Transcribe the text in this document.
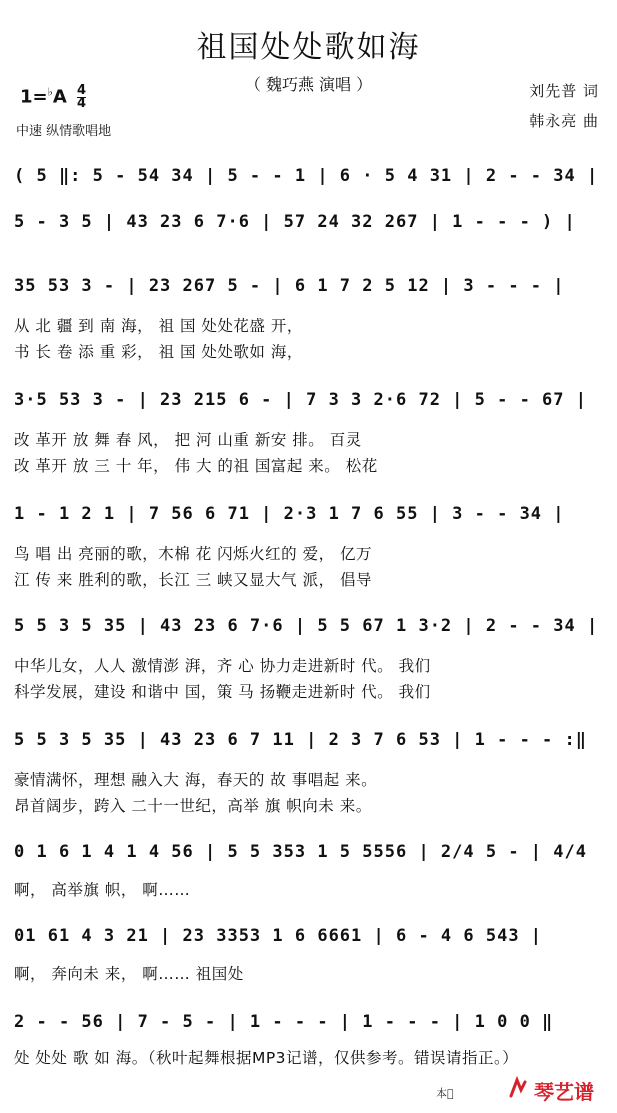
祖国处处歌如海
（ 魏巧燕 演唱 ）
$1=^♭A \frac{4}{4}$
中速 纵情歌唱地
刘先普 词
韩永亮 曲
( 5 ‖: 5 - 54 34 | 5 - - 1 | 6 · 5 4 31 | 2 - - 34 |
5 - 3 5 | 43 23 6 7·6 | 57 24 32 267 | 1 - - - ) |
35 53 3 - | 23 267 5 - | 6 1 7 2 5 12 | 3 - - - |
从 北 疆 到 南 海， 祖 国 处处花盛 开，
书 长 卷 添 重 彩， 祖 国 处处歌如 海，
3·5 53 3 - | 23 215 6 - | 7 3 3 2·6 72 | 5 - - 67 |
改 革开 放 舞 春 风， 把 河 山重 新安 排。 百灵
改 革开 放 三 十 年， 伟 大 的祖 国富起 来。 松花
1 - 1 2 1 | 7 56 6 71 | 2·3 1 7 6 55 | 3 - - 34 |
鸟 唱 出 亮丽的歌，木棉 花 闪烁火红的 爱， 亿万
江 传 来 胜利的歌，长江 三 峡又显大气 派， 倡导
5 5 3 5 35 | 43 23 6 7·6 | 5 5 67 1 3·2 | 2 - - 34 |
中华儿女，人人 激情澎 湃，齐 心 协力走进新时 代。 我们
科学发展，建设 和谐中 国，策 马 扬鞭走进新时 代。 我们
5 5 3 5 35 | 43 23 6 7 11 | 2 3 7 6 53 | 1 - - - :‖
豪情满怀，理想 融入大 海，春天的 故 事唱起 来。
昂首阔步，跨入 二十一世纪，高举 旗 帜向未 来。
0 1 6 1 4 1 4 56 | 5 5 353 1 5 5556 | 2/4 5 - | 4/4
啊， 高举旗 帜， 啊……
01 61 4 3 21 | 23 3353 1 6 6661 | 6 - 4 6 543 |
啊， 奔向未 来， 啊…… 祖国处
2 - - 56 | 7 - 5 - | 1 - - - | 1 - - - | 1 0 0 ‖
处 处处 歌 如 海。（秋叶起舞根据MP3记谱，仅供参考。错误请指正。）
本 	琴艺谱
